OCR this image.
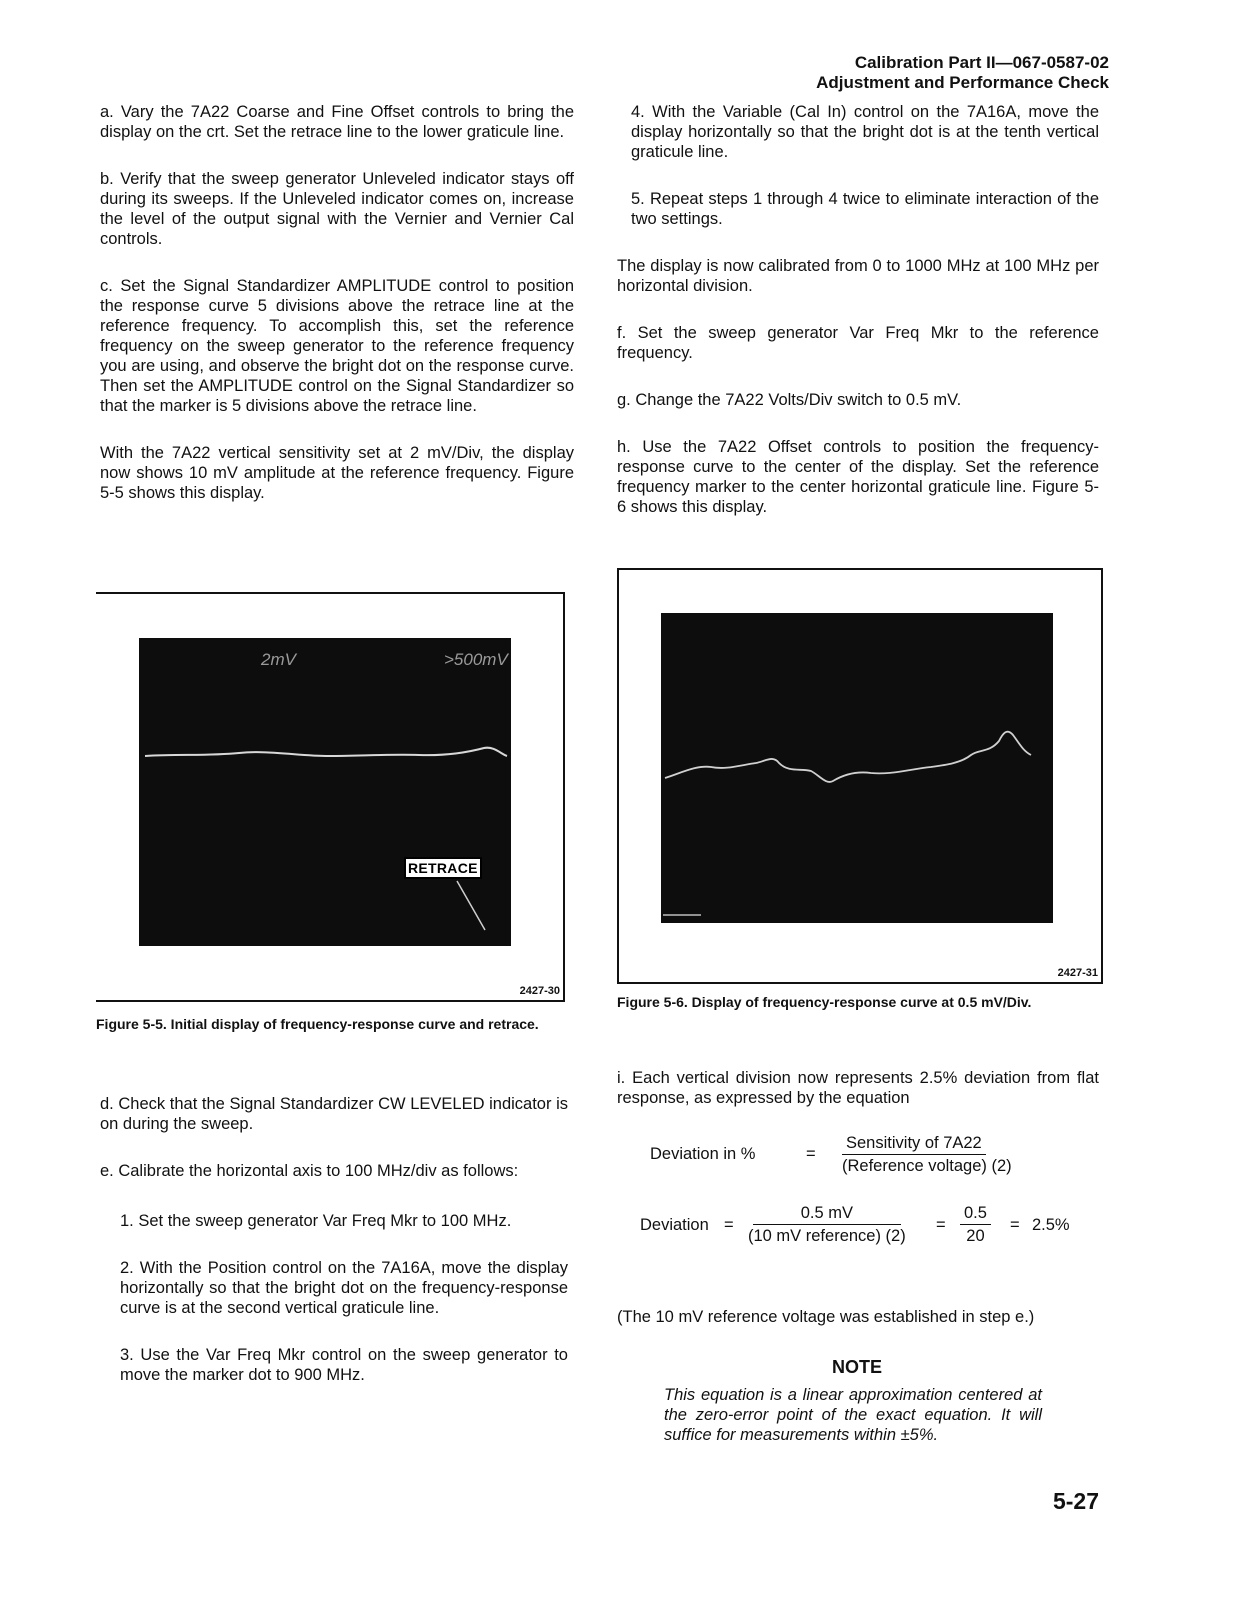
Calibration Part II—067-0587-02
Adjustment and Performance Check

a. Vary the 7A22 Coarse and Fine Offset controls to bring the display on the crt. Set the retrace line to the lower graticule line.

b. Verify that the sweep generator Unleveled indicator stays off during its sweeps. If the Unleveled indicator comes on, increase the level of the output signal with the Vernier and Vernier Cal controls.

c. Set the Signal Standardizer AMPLITUDE control to position the response curve 5 divisions above the retrace line at the reference frequency. To accomplish this, set the reference frequency on the sweep generator to the reference frequency you are using, and observe the bright dot on the response curve. Then set the AMPLITUDE control on the Signal Standardizer so that the marker is 5 divisions above the retrace line.

With the 7A22 vertical sensitivity set at 2 mV/Div, the display now shows 10 mV amplitude at the reference frequency. Figure 5-5 shows this display.

2mV	>500mV
RETRACE
2427-30
Figure 5-5. Initial display of frequency-response curve and retrace.

d. Check that the Signal Standardizer CW LEVELED indicator is on during the sweep.

e. Calibrate the horizontal axis to 100 MHz/div as follows:

1. Set the sweep generator Var Freq Mkr to 100 MHz.

2. With the Position control on the 7A16A, move the display horizontally so that the bright dot on the frequency-response curve is at the second vertical graticule line.

3. Use the Var Freq Mkr control on the sweep generator to move the marker dot to 900 MHz.

4. With the Variable (Cal In) control on the 7A16A, move the display horizontally so that the bright dot is at the tenth vertical graticule line.

5. Repeat steps 1 through 4 twice to eliminate interaction of the two settings.

The display is now calibrated from 0 to 1000 MHz at 100 MHz per horizontal division.

f. Set the sweep generator Var Freq Mkr to the reference frequency.

g. Change the 7A22 Volts/Div switch to 0.5 mV.

h. Use the 7A22 Offset controls to position the frequency-response curve to the center of the display. Set the reference frequency marker to the center horizontal graticule line. Figure 5-6 shows this display.

2427-31
Figure 5-6. Display of frequency-response curve at 0.5 mV/Div.

i. Each vertical division now represents 2.5% deviation from flat response, as expressed by the equation

Deviation in %	=
Sensitivity of 7A22
(Reference voltage) (2)
Deviation =
0.5 mV
(10 mV reference) (2)
= $\frac{0.5}{20} = 2.5\%$

(The 10 mV reference voltage was established in step e.)

NOTE
This equation is a linear approximation centered at the zero-error point of the exact equation. It will suffice for measurements within ±5%.
5-27
